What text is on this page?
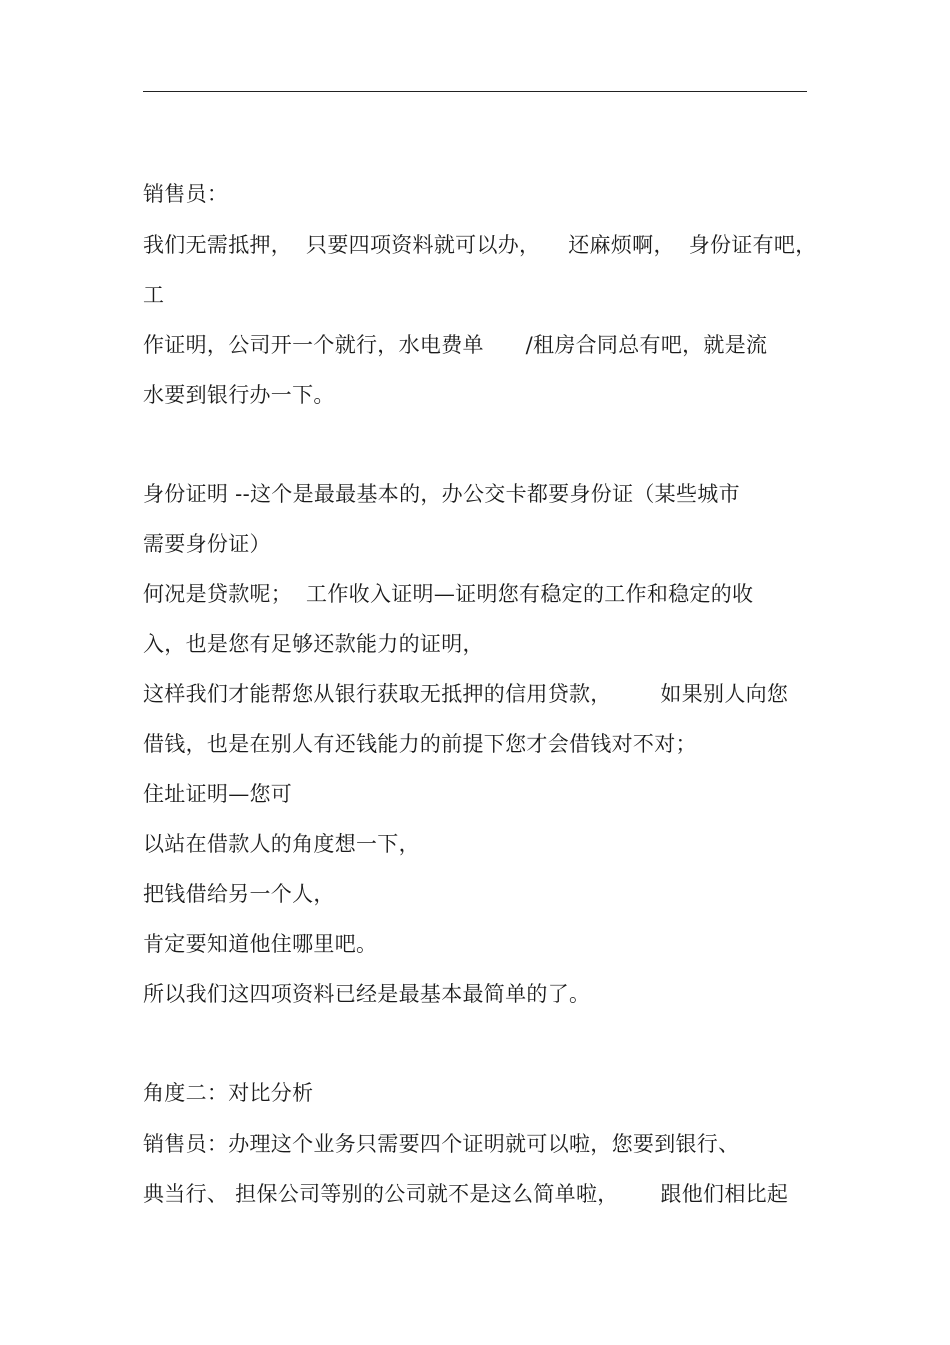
销售员：
我们无需抵押，  只要四项资料就可以办，    还麻烦啊，  身份证有吧，
工
作证明，公司开一个就行，水电费单      /租房合同总有吧，就是流
水要到银行办一下。
身份证明 --这个是最最基本的，办公交卡都要身份证（某些城市
需要身份证）
何况是贷款呢；  工作收入证明—证明您有稳定的工作和稳定的收
入，也是您有足够还款能力的证明，
这样我们才能帮您从银行获取无抵押的信用贷款，       如果别人向您
借钱，也是在别人有还钱能力的前提下您才会借钱对不对；
住址证明—您可
以站在借款人的角度想一下，
把钱借给另一个人，
肯定要知道他住哪里吧。
所以我们这四项资料已经是最基本最简单的了。
角度二：对比分析
销售员：办理这个业务只需要四个证明就可以啦，您要到银行、
典当行、 担保公司等别的公司就不是这么简单啦，      跟他们相比起
